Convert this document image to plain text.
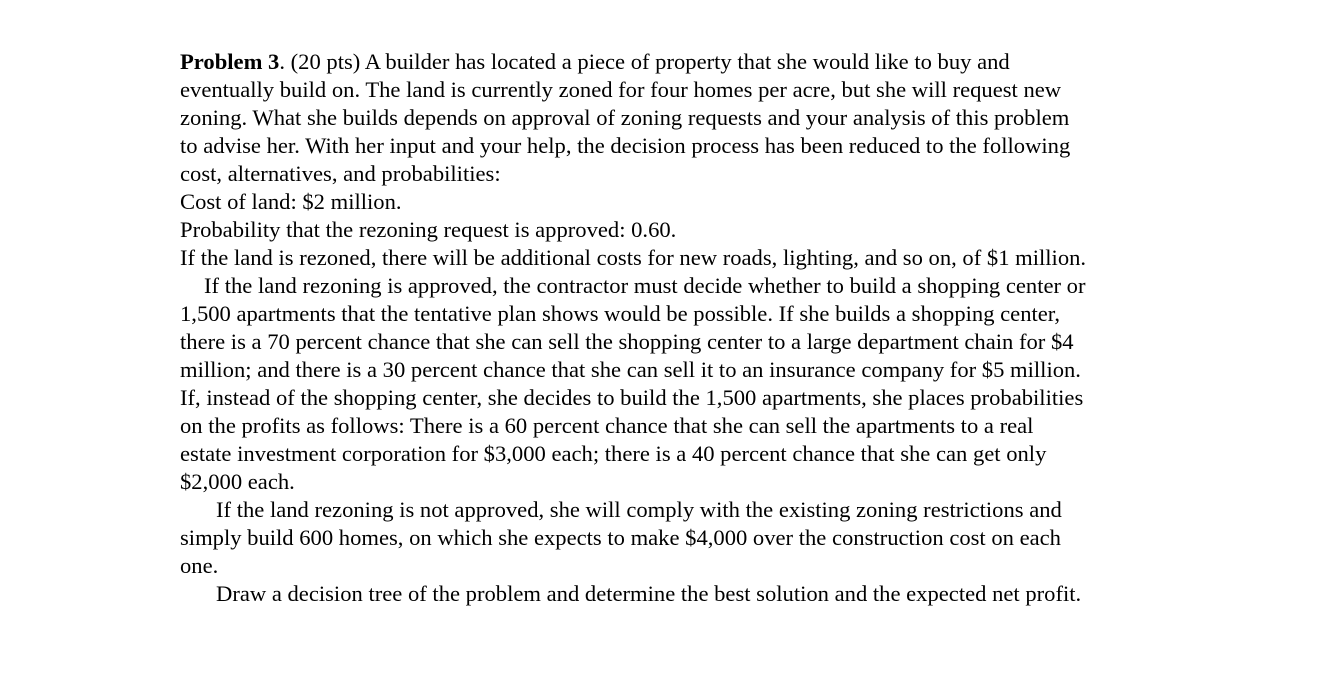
Problem 3. (20 pts) A builder has located a piece of property that she would like to buy and eventually build on. The land is currently zoned for four homes per acre, but she will request new zoning. What she builds depends on approval of zoning requests and your analysis of this problem to advise her. With her input and your help, the decision process has been reduced to the following cost, alternatives, and probabilities:

Cost of land: $2 million.

Probability that the rezoning request is approved: 0.60.

If the land is rezoned, there will be additional costs for new roads, lighting, and so on, of $1 million.

If the land rezoning is approved, the contractor must decide whether to build a shopping center or 1,500 apartments that the tentative plan shows would be possible. If she builds a shopping center, there is a 70 percent chance that she can sell the shopping center to a large department chain for $4 million; and there is a 30 percent chance that she can sell it to an insurance company for $5 million. If, instead of the shopping center, she decides to build the 1,500 apartments, she places probabilities on the profits as follows: There is a 60 percent chance that she can sell the apartments to a real estate investment corporation for $3,000 each; there is a 40 percent chance that she can get only $2,000 each.

If the land rezoning is not approved, she will comply with the existing zoning restrictions and simply build 600 homes, on which she expects to make $4,000 over the construction cost on each one.

Draw a decision tree of the problem and determine the best solution and the expected net profit.
